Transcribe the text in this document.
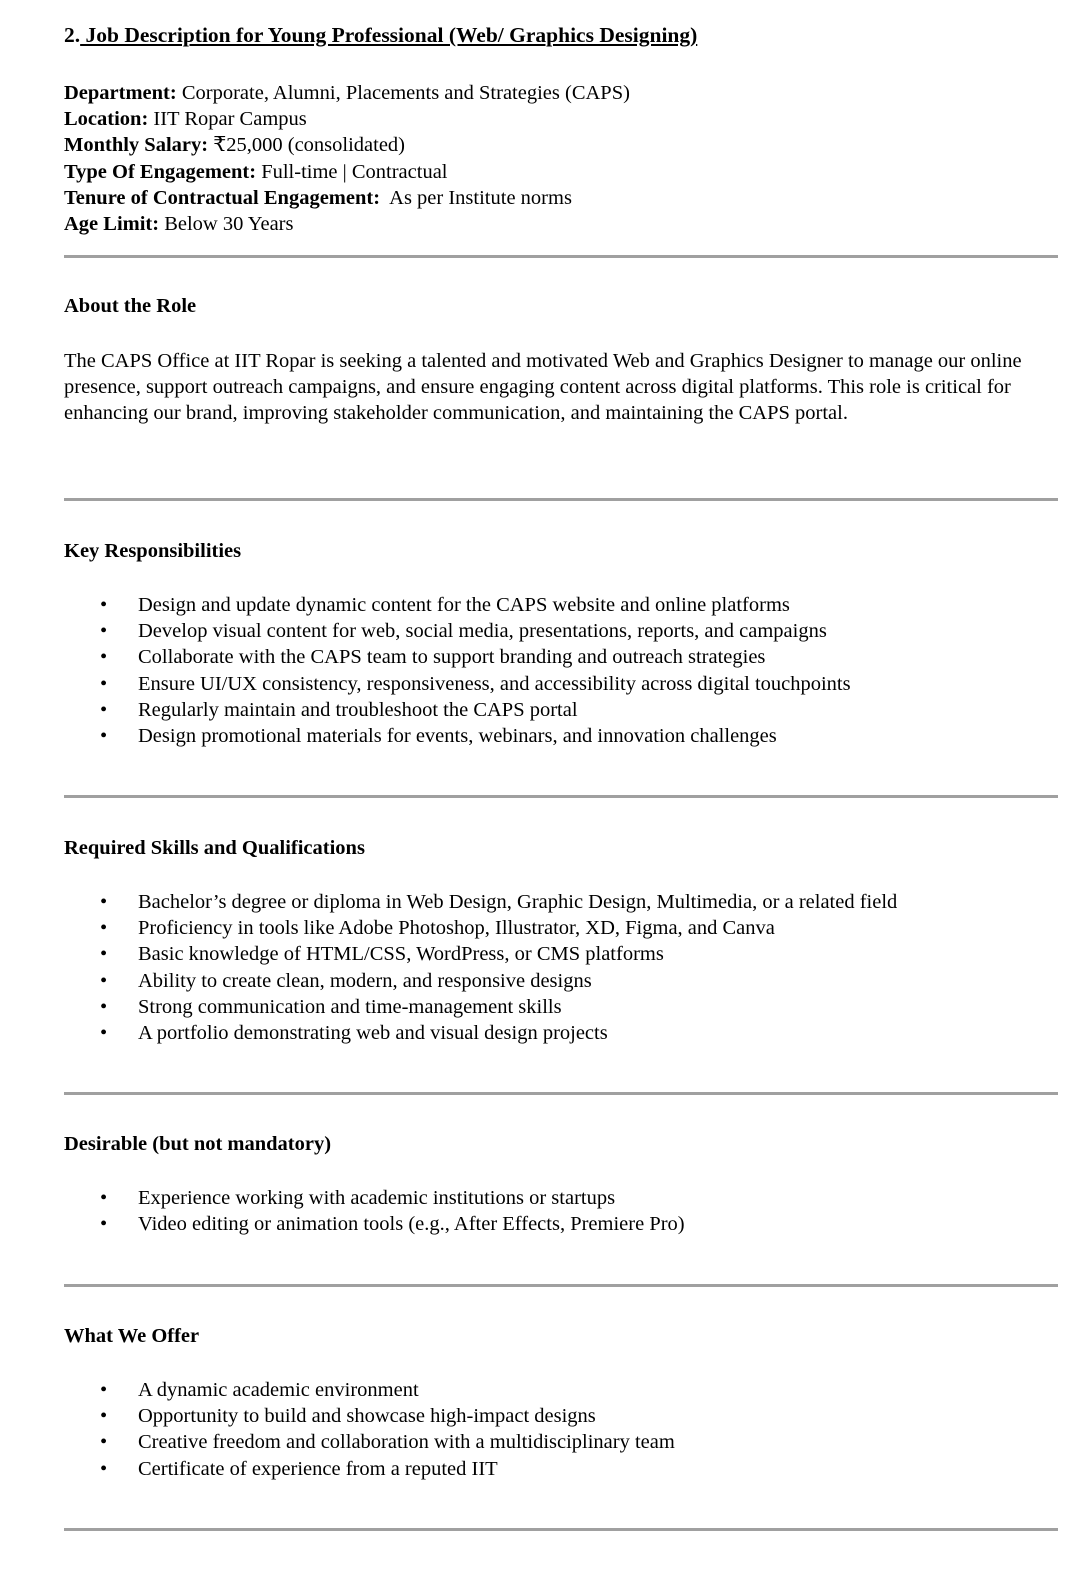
2. Job Description for Young Professional (Web/ Graphics Designing)
Department: Corporate, Alumni, Placements and Strategies (CAPS)
Location: IIT Ropar Campus
Monthly Salary: ₹25,000 (consolidated)
Type Of Engagement: Full-time | Contractual
Tenure of Contractual Engagement:  As per Institute norms
Age Limit: Below 30 Years
About the Role
The CAPS Office at IIT Ropar is seeking a talented and motivated Web and Graphics Designer to manage our online presence, support outreach campaigns, and ensure engaging content across digital platforms. This role is critical for enhancing our brand, improving stakeholder communication, and maintaining the CAPS portal.
Key Responsibilities
• Design and update dynamic content for the CAPS website and online platforms
• Develop visual content for web, social media, presentations, reports, and campaigns
• Collaborate with the CAPS team to support branding and outreach strategies
• Ensure UI/UX consistency, responsiveness, and accessibility across digital touchpoints
• Regularly maintain and troubleshoot the CAPS portal
• Design promotional materials for events, webinars, and innovation challenges
Required Skills and Qualifications
• Bachelor’s degree or diploma in Web Design, Graphic Design, Multimedia, or a related field
• Proficiency in tools like Adobe Photoshop, Illustrator, XD, Figma, and Canva
• Basic knowledge of HTML/CSS, WordPress, or CMS platforms
• Ability to create clean, modern, and responsive designs
• Strong communication and time-management skills
• A portfolio demonstrating web and visual design projects
Desirable (but not mandatory)
• Experience working with academic institutions or startups
• Video editing or animation tools (e.g., After Effects, Premiere Pro)
What We Offer
• A dynamic academic environment
• Opportunity to build and showcase high-impact designs
• Creative freedom and collaboration with a multidisciplinary team
• Certificate of experience from a reputed IIT
